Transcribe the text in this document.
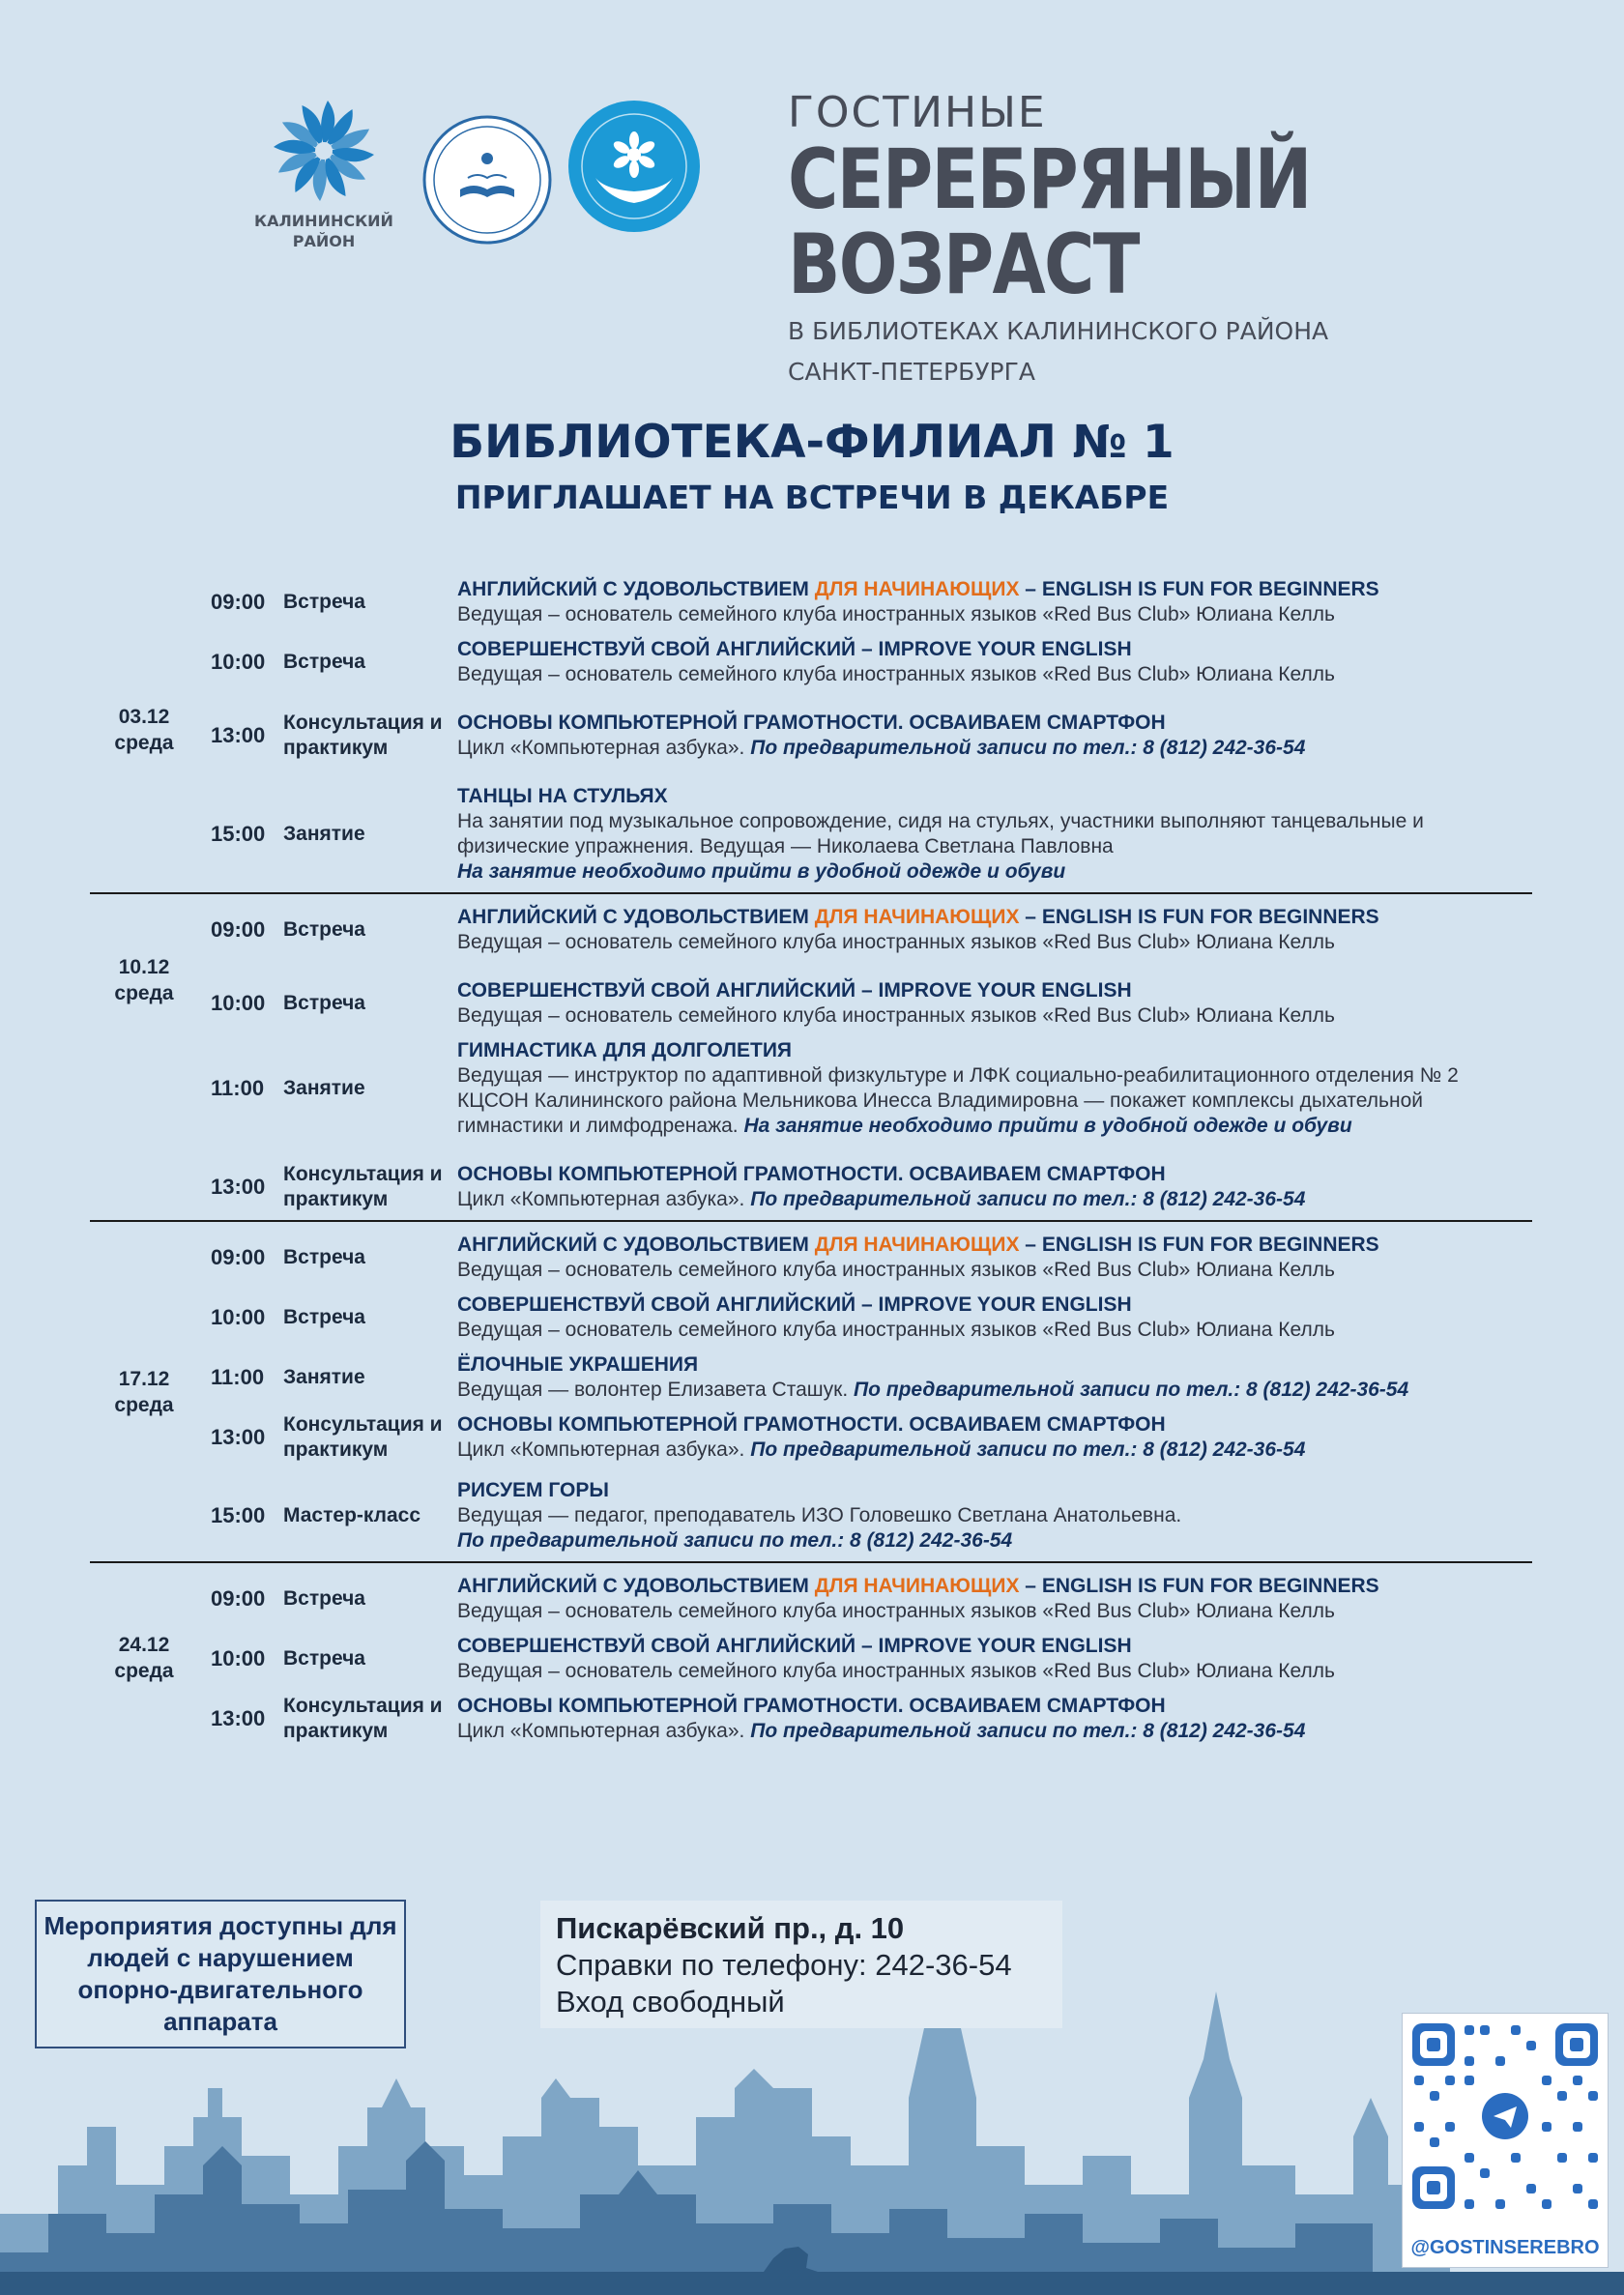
КАЛИНИНСКИЙ
РАЙОН
ГОСТИНЫЕ
СЕРЕБРЯНЫЙ
ВОЗРАСТ
В БИБЛИОТЕКАХ КАЛИНИНСКОГО РАЙОНА
САНКТ-ПЕТЕРБУРГА
БИБЛИОТЕКА-ФИЛИАЛ № 1
ПРИГЛАШАЕТ НА ВСТРЕЧИ В ДЕКАБРЕ
03.12
среда
09:00 Встреча
АНГЛИЙСКИЙ С УДОВОЛЬСТВИЕМ ДЛЯ НАЧИНАЮЩИХ – ENGLISH IS FUN FOR BEGINNERS
Ведущая – основатель семейного клуба иностранных языков «Red Bus Club» Юлиана Келль
10:00 Встреча
СОВЕРШЕНСТВУЙ СВОЙ АНГЛИЙСКИЙ – IMPROVE YOUR ENGLISH
Ведущая – основатель семейного клуба иностранных языков «Red Bus Club» Юлиана Келль
13:00
Консультация и практикум
ОСНОВЫ КОМПЬЮТЕРНОЙ ГРАМОТНОСТИ. ОСВАИВАЕМ СМАРТФОН
Цикл «Компьютерная азбука». По предварительной записи по тел.: 8 (812) 242-36-54
15:00 Занятие
ТАНЦЫ НА СТУЛЬЯХ
На занятии под музыкальное сопровождение, сидя на стульях, участники выполняют танцевальные и физические упражнения. Ведущая — Николаева Светлана Павловна
На занятие необходимо прийти в удобной одежде и обуви
10.12
среда
09:00 Встреча
АНГЛИЙСКИЙ С УДОВОЛЬСТВИЕМ ДЛЯ НАЧИНАЮЩИХ – ENGLISH IS FUN FOR BEGINNERS
Ведущая – основатель семейного клуба иностранных языков «Red Bus Club» Юлиана Келль
10:00 Встреча
СОВЕРШЕНСТВУЙ СВОЙ АНГЛИЙСКИЙ – IMPROVE YOUR ENGLISH
Ведущая – основатель семейного клуба иностранных языков «Red Bus Club» Юлиана Келль
11:00 Занятие
ГИМНАСТИКА ДЛЯ ДОЛГОЛЕТИЯ
Ведущая — инструктор по адаптивной физкультуре и ЛФК социально-реабилитационного отделения № 2 КЦСОН Калининского района Мельникова Инесса Владимировна — покажет комплексы дыхательной гимнастики и лимфодренажа. На занятие необходимо прийти в удобной одежде и обуви
13:00
Консультация и практикум
ОСНОВЫ КОМПЬЮТЕРНОЙ ГРАМОТНОСТИ. ОСВАИВАЕМ СМАРТФОН
Цикл «Компьютерная азбука». По предварительной записи по тел.: 8 (812) 242-36-54
17.12
среда
09:00 Встреча
АНГЛИЙСКИЙ С УДОВОЛЬСТВИЕМ ДЛЯ НАЧИНАЮЩИХ – ENGLISH IS FUN FOR BEGINNERS
Ведущая – основатель семейного клуба иностранных языков «Red Bus Club» Юлиана Келль
10:00 Встреча
СОВЕРШЕНСТВУЙ СВОЙ АНГЛИЙСКИЙ – IMPROVE YOUR ENGLISH
Ведущая – основатель семейного клуба иностранных языков «Red Bus Club» Юлиана Келль
11:00 Занятие
ЁЛОЧНЫЕ УКРАШЕНИЯ
Ведущая — волонтер Елизавета Сташук. По предварительной записи по тел.: 8 (812) 242-36-54
13:00
Консультация и практикум
ОСНОВЫ КОМПЬЮТЕРНОЙ ГРАМОТНОСТИ. ОСВАИВАЕМ СМАРТФОН
Цикл «Компьютерная азбука». По предварительной записи по тел.: 8 (812) 242-36-54
15:00 Мастер-класс
РИСУЕМ ГОРЫ
Ведущая — педагог, преподаватель ИЗО Головешко Светлана Анатольевна.
По предварительной записи по тел.: 8 (812) 242-36-54
24.12
среда
09:00 Встреча
АНГЛИЙСКИЙ С УДОВОЛЬСТВИЕМ ДЛЯ НАЧИНАЮЩИХ – ENGLISH IS FUN FOR BEGINNERS
Ведущая – основатель семейного клуба иностранных языков «Red Bus Club» Юлиана Келль
10:00 Встреча
СОВЕРШЕНСТВУЙ СВОЙ АНГЛИЙСКИЙ – IMPROVE YOUR ENGLISH
Ведущая – основатель семейного клуба иностранных языков «Red Bus Club» Юлиана Келль
13:00
Консультация и практикум
ОСНОВЫ КОМПЬЮТЕРНОЙ ГРАМОТНОСТИ. ОСВАИВАЕМ СМАРТФОН
Цикл «Компьютерная азбука». По предварительной записи по тел.: 8 (812) 242-36-54
Мероприятия доступны для людей с нарушением опорно-двигательного аппарата
Пискарёвский пр., д. 10
Справки по телефону: 242-36-54
Вход свободный
@GOSTINSEREBRO
